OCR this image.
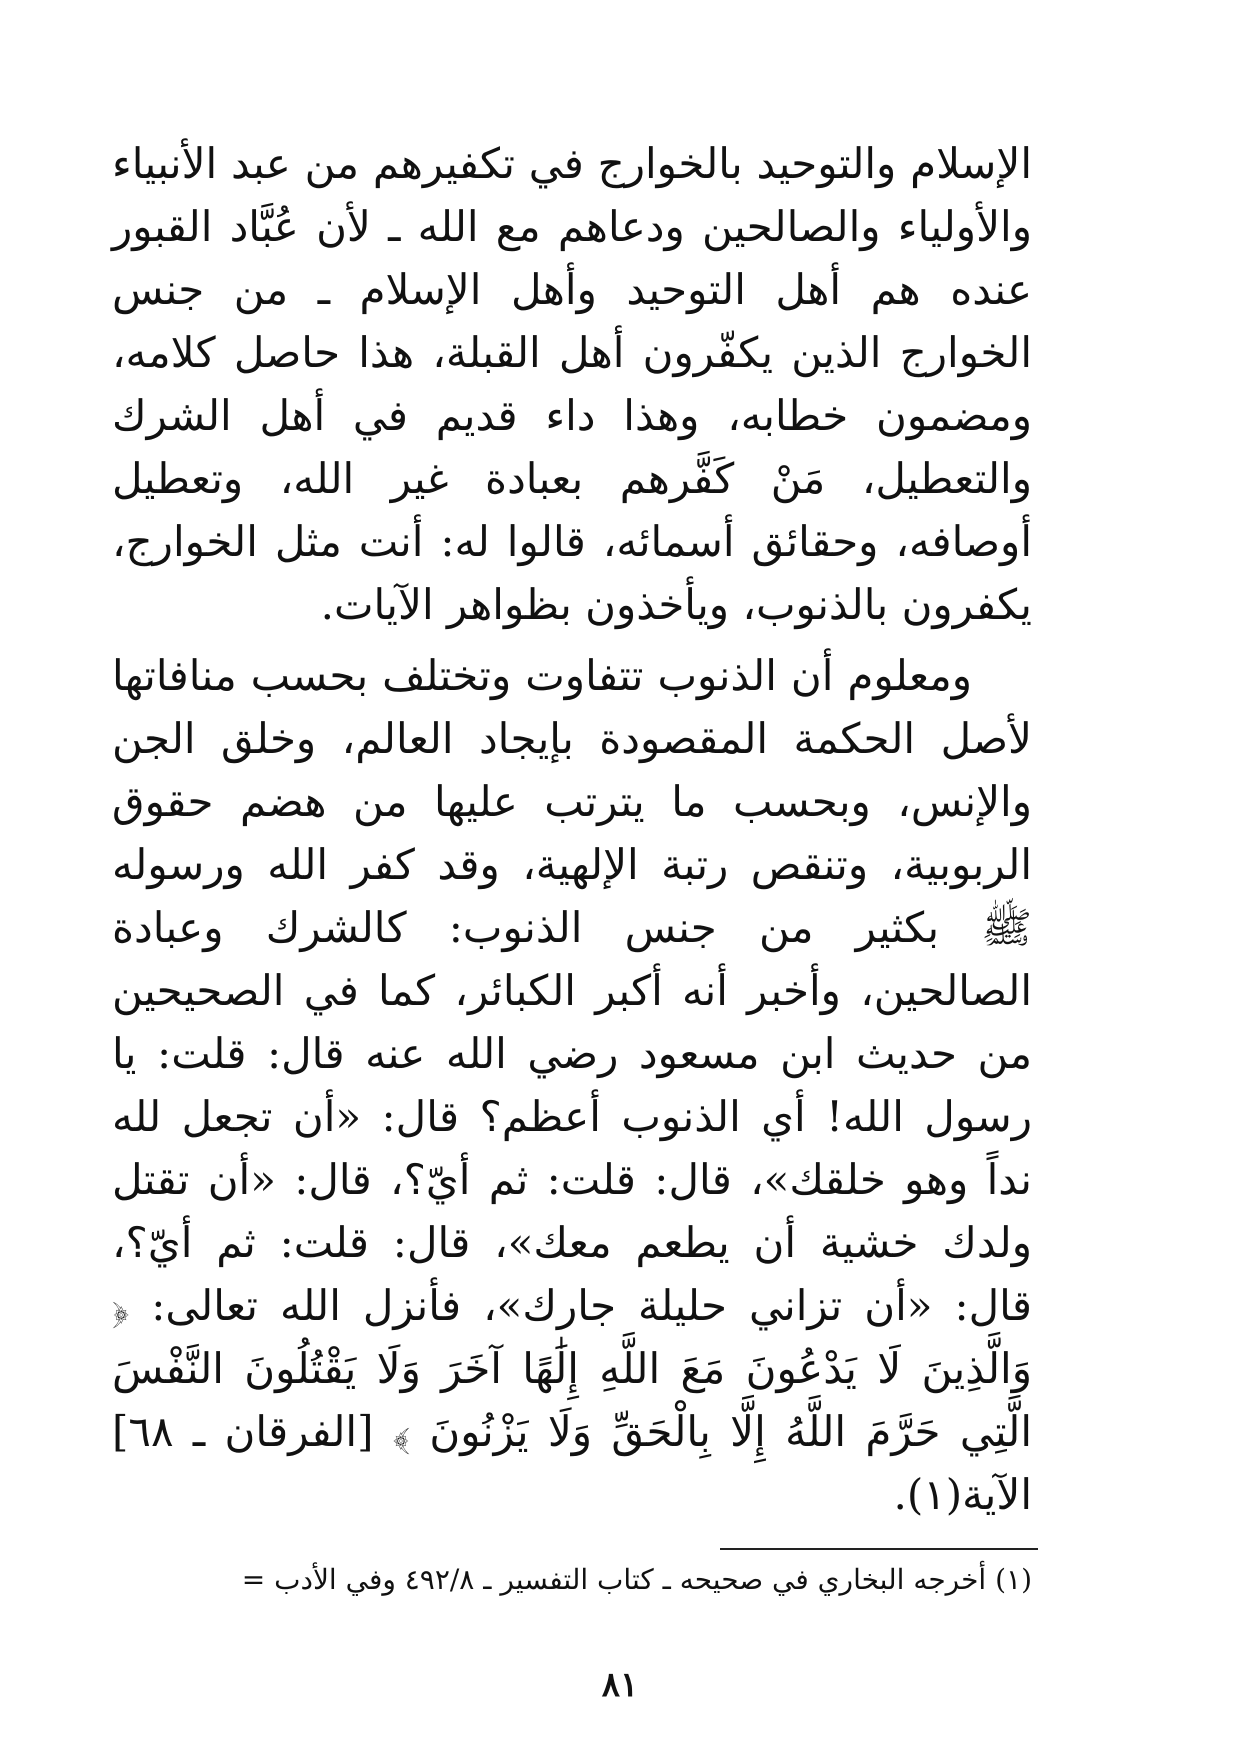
الإسلام والتوحيد بالخوارج في تكفيرهم من عبد الأنبياء والأولياء والصالحين ودعاهم مع الله ـ لأن عُبَّاد القبور عنده هم أهل التوحيد وأهل الإسلام ـ من جنس الخوارج الذين يكفّرون أهل القبلة، هذا حاصل كلامه، ومضمون خطابه، وهذا داء قديم في أهل الشرك والتعطيل، مَنْ كَفَّرهم بعبادة غير الله، وتعطيل أوصافه، وحقائق أسمائه، قالوا له: أنت مثل الخوارج، يكفرون بالذنوب، ويأخذون بظواهر الآيات.

ومعلوم أن الذنوب تتفاوت وتختلف بحسب منافاتها لأصل الحكمة المقصودة بإيجاد العالم، وخلق الجن والإنس، وبحسب ما يترتب عليها من هضم حقوق الربوبية، وتنقص رتبة الإلهية، وقد كفر الله ورسوله ﷺ بكثير من جنس الذنوب: كالشرك وعبادة الصالحين، وأخبر أنه أكبر الكبائر، كما في الصحيحين من حديث ابن مسعود رضي الله عنه قال: قلت: يا رسول الله! أي الذنوب أعظم؟ قال: «أن تجعل لله نداً وهو خلقك»، قال: قلت: ثم أيّ؟، قال: «أن تقتل ولدك خشية أن يطعم معك»، قال: قلت: ثم أيّ؟، قال: «أن تزاني حليلة جارك»، فأنزل الله تعالى: ﴿ وَالَّذِينَ لَا يَدْعُونَ مَعَ اللَّهِ إِلَٰهًا آخَرَ وَلَا يَقْتُلُونَ النَّفْسَ الَّتِي حَرَّمَ اللَّهُ إِلَّا بِالْحَقِّ وَلَا يَزْنُونَ ﴾ [الفرقان ـ ٦٨] الآية(١).

(١) أخرجه البخاري في صحيحه ـ كتاب التفسير ـ ٤٩٢/٨ وفي الأدب =
٨١
